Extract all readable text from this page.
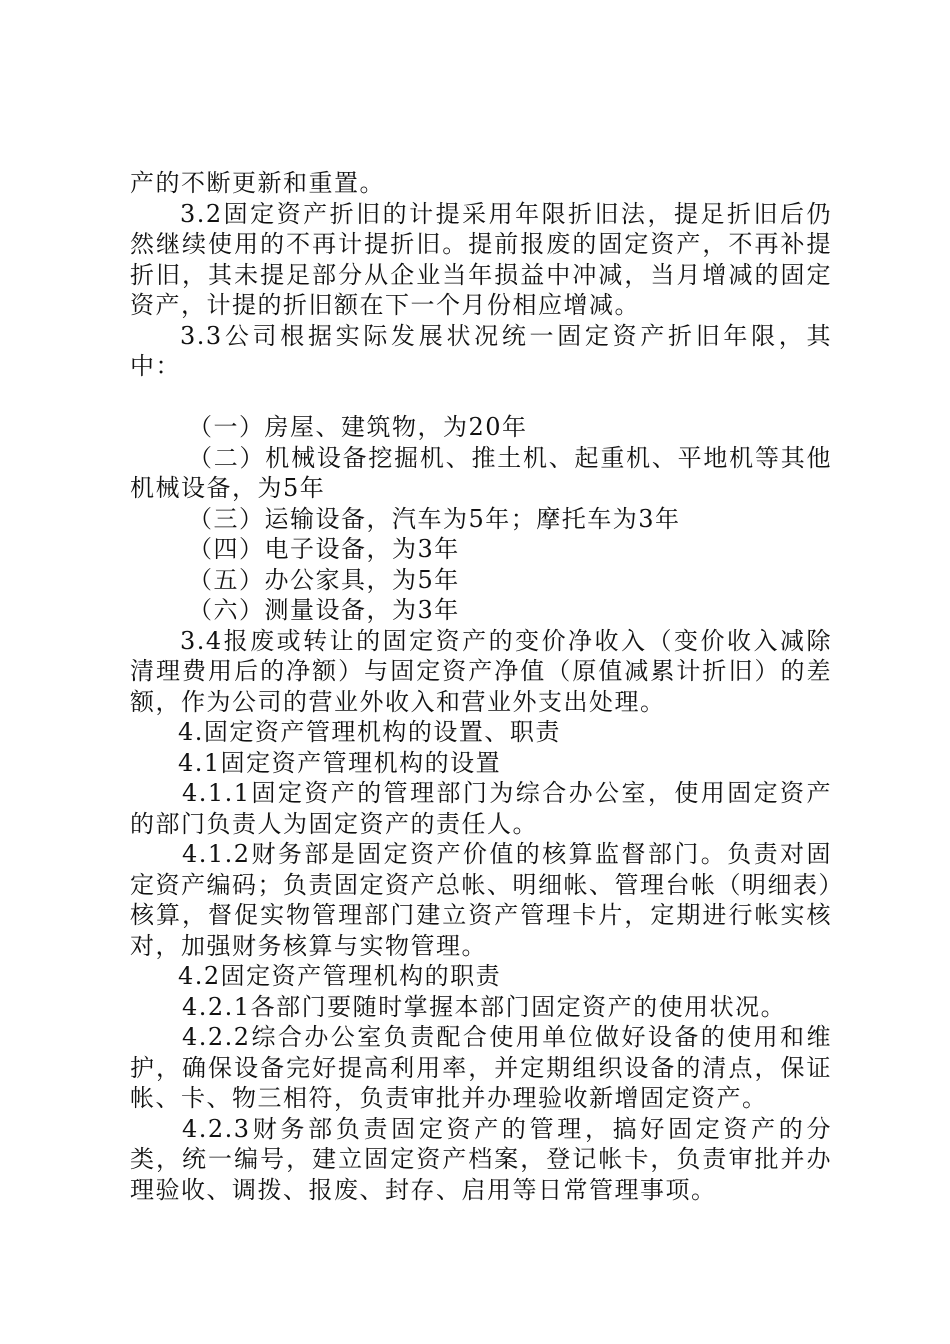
产的不断更新和重置。

3.2固定资产折旧的计提采用年限折旧法，提足折旧后仍然继续使用的不再计提折旧。提前报废的固定资产，不再补提折旧，其未提足部分从企业当年损益中冲减，当月增减的固定资产，计提的折旧额在下一个月份相应增减。

3.3公司根据实际发展状况统一固定资产折旧年限，其中：

（一）房屋、建筑物，为20年

（二）机械设备挖掘机、推土机、起重机、平地机等其他机械设备，为5年

（三）运输设备，汽车为5年；摩托车为3年

（四）电子设备，为3年

（五）办公家具，为5年

（六）测量设备，为3年

3.4报废或转让的固定资产的变价净收入（变价收入减除清理费用后的净额）与固定资产净值（原值减累计折旧）的差额，作为公司的营业外收入和营业外支出处理。

4.固定资产管理机构的设置、职责

4.1固定资产管理机构的设置

4.1.1固定资产的管理部门为综合办公室，使用固定资产的部门负责人为固定资产的责任人。

4.1.2财务部是固定资产价值的核算监督部门。负责对固定资产编码；负责固定资产总帐、明细帐、管理台帐（明细表）核算，督促实物管理部门建立资产管理卡片，定期进行帐实核对，加强财务核算与实物管理。

4.2固定资产管理机构的职责

4.2.1各部门要随时掌握本部门固定资产的使用状况。

4.2.2综合办公室负责配合使用单位做好设备的使用和维护，确保设备完好提高利用率，并定期组织设备的清点，保证帐、卡、物三相符，负责审批并办理验收新增固定资产。

4.2.3财务部负责固定资产的管理，搞好固定资产的分类，统一编号，建立固定资产档案，登记帐卡，负责审批并办理验收、调拨、报废、封存、启用等日常管理事项。
